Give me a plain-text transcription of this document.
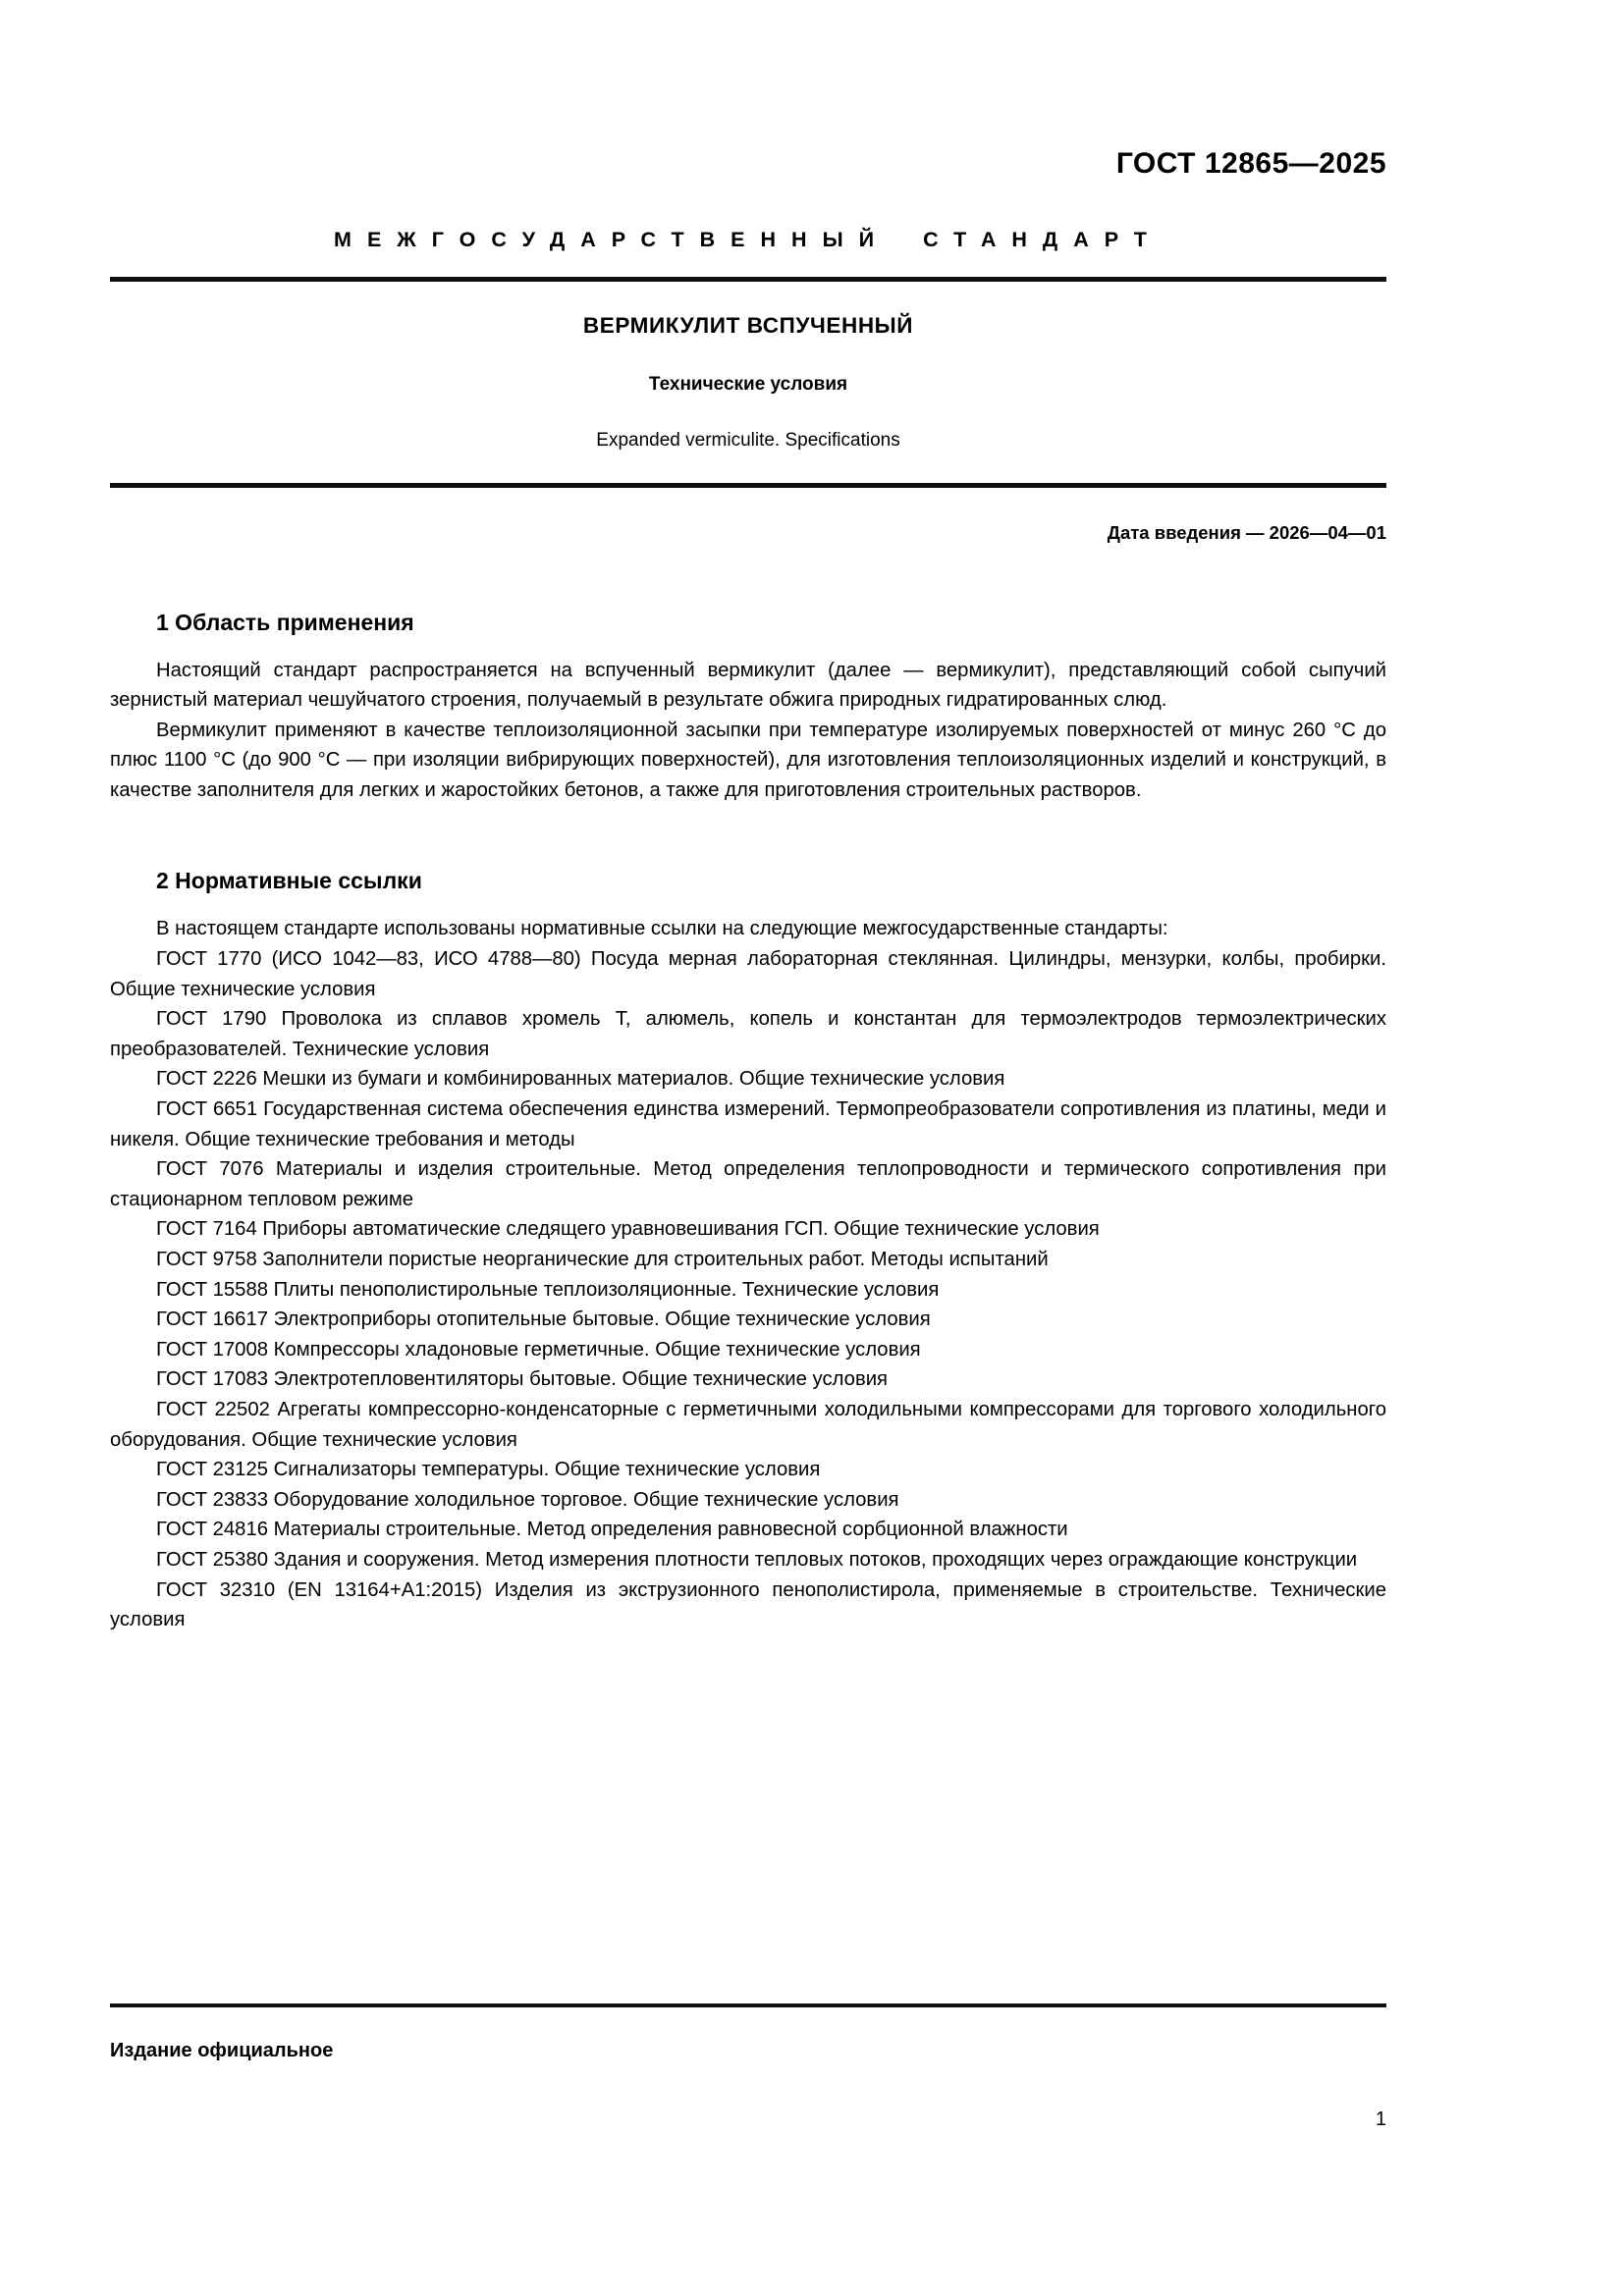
ГОСТ 12865—2025
МЕЖГОСУДАРСТВЕННЫЙ СТАНДАРТ
ВЕРМИКУЛИТ ВСПУЧЕННЫЙ
Технические условия
Expanded vermiculite. Specifications
Дата введения — 2026—04—01
1 Область применения

Настоящий стандарт распространяется на вспученный вермикулит (далее — вермикулит), представляющий собой сыпучий зернистый материал чешуйчатого строения, получаемый в результате обжига природных гидратированных слюд.

Вермикулит применяют в качестве теплоизоляционной засыпки при температуре изолируемых поверхностей от минус 260 °С до плюс 1100 °С (до 900 °С — при изоляции вибрирующих поверхностей), для изготовления теплоизоляционных изделий и конструкций, в качестве заполнителя для легких и жаростойких бетонов, а также для приготовления строительных растворов.

2 Нормативные ссылки

В настоящем стандарте использованы нормативные ссылки на следующие межгосударственные стандарты:

ГОСТ 1770 (ИСО 1042—83, ИСО 4788—80) Посуда мерная лабораторная стеклянная. Цилиндры, мензурки, колбы, пробирки. Общие технические условия

ГОСТ 1790 Проволока из сплавов хромель Т, алюмель, копель и константан для термоэлектродов термоэлектрических преобразователей. Технические условия

ГОСТ 2226 Мешки из бумаги и комбинированных материалов. Общие технические условия

ГОСТ 6651 Государственная система обеспечения единства измерений. Термопреобразователи сопротивления из платины, меди и никеля. Общие технические требования и методы

ГОСТ 7076 Материалы и изделия строительные. Метод определения теплопроводности и термического сопротивления при стационарном тепловом режиме

ГОСТ 7164 Приборы автоматические следящего уравновешивания ГСП. Общие технические условия

ГОСТ 9758 Заполнители пористые неорганические для строительных работ. Методы испытаний

ГОСТ 15588 Плиты пенополистирольные теплоизоляционные. Технические условия

ГОСТ 16617 Электроприборы отопительные бытовые. Общие технические условия

ГОСТ 17008 Компрессоры хладоновые герметичные. Общие технические условия

ГОСТ 17083 Электротепловентиляторы бытовые. Общие технические условия

ГОСТ 22502 Агрегаты компрессорно-конденсаторные с герметичными холодильными компрессорами для торгового холодильного оборудования. Общие технические условия

ГОСТ 23125 Сигнализаторы температуры. Общие технические условия

ГОСТ 23833 Оборудование холодильное торговое. Общие технические условия

ГОСТ 24816 Материалы строительные. Метод определения равновесной сорбционной влажности

ГОСТ 25380 Здания и сооружения. Метод измерения плотности тепловых потоков, проходящих через ограждающие конструкции

ГОСТ 32310 (EN 13164+A1:2015) Изделия из экструзионного пенополистирола, применяемые в строительстве. Технические условия

Издание официальное
1
